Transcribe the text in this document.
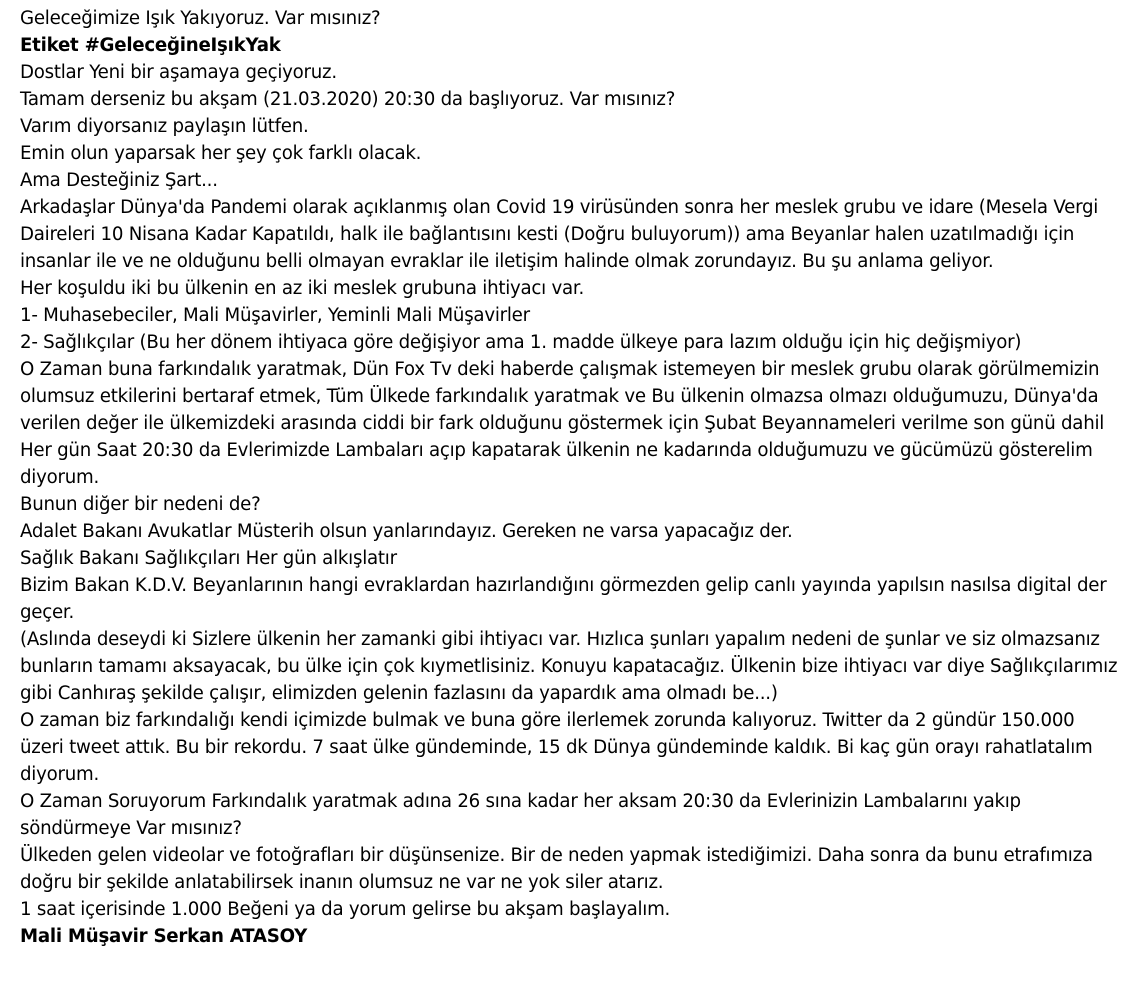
Geleceğimize Işık Yakıyoruz. Var mısınız?

Etiket #GeleceğineIşıkYak

Dostlar Yeni bir aşamaya geçiyoruz.

Tamam derseniz bu akşam (21.03.2020) 20:30 da başlıyoruz. Var mısınız?

Varım diyorsanız paylaşın lütfen.

Emin olun yaparsak her şey çok farklı olacak.

Ama Desteğiniz Şart...

Arkadaşlar Dünya'da Pandemi olarak açıklanmış olan Covid 19 virüsünden sonra her meslek grubu ve idare (Mesela Vergi Daireleri 10 Nisana Kadar Kapatıldı, halk ile bağlantısını kesti (Doğru buluyorum)) ama Beyanlar halen uzatılmadığı için insanlar ile ve ne olduğunu belli olmayan evraklar ile iletişim halinde olmak zorundayız. Bu şu anlama geliyor.

Her koşuldu iki bu ülkenin en az iki meslek grubuna ihtiyacı var.

1- Muhasebeciler, Mali Müşavirler, Yeminli Mali Müşavirler

2- Sağlıkçılar (Bu her dönem ihtiyaca göre değişiyor ama 1. madde ülkeye para lazım olduğu için hiç değişmiyor)

O Zaman buna farkındalık yaratmak, Dün Fox Tv deki haberde çalışmak istemeyen bir meslek grubu olarak görülmemizin olumsuz etkilerini bertaraf etmek, Tüm Ülkede farkındalık yaratmak ve Bu ülkenin olmazsa olmazı olduğumuzu, Dünya'da verilen değer ile ülkemizdeki arasında ciddi bir fark olduğunu göstermek için Şubat Beyannameleri verilme son günü dahil Her gün Saat 20:30 da Evlerimizde Lambaları açıp kapatarak ülkenin ne kadarında olduğumuzu ve gücümüzü gösterelim diyorum.

Bunun diğer bir nedeni de?

Adalet Bakanı Avukatlar Müsterih olsun yanlarındayız. Gereken ne varsa yapacağız der.

Sağlık Bakanı Sağlıkçıları Her gün alkışlatır

Bizim Bakan K.D.V. Beyanlarının hangi evraklardan hazırlandığını görmezden gelip canlı yayında yapılsın nasılsa digital der geçer.

(Aslında deseydi ki Sizlere ülkenin her zamanki gibi ihtiyacı var. Hızlıca şunları yapalım nedeni de şunlar ve siz olmazsanız bunların tamamı aksayacak, bu ülke için çok kıymetlisiniz. Konuyu kapatacağız. Ülkenin bize ihtiyacı var diye Sağlıkçılarımız gibi Canhıraş şekilde çalışır, elimizden gelenin fazlasını da yapardık ama olmadı be...)

O zaman biz farkındalığı kendi içimizde bulmak ve buna göre ilerlemek zorunda kalıyoruz. Twitter da 2 gündür 150.000 üzeri tweet attık. Bu bir rekordu. 7 saat ülke gündeminde, 15 dk Dünya gündeminde kaldık. Bi kaç gün orayı rahatlatalım diyorum.

O Zaman Soruyorum Farkındalık yaratmak adına 26 sına kadar her aksam 20:30 da Evlerinizin Lambalarını yakıp söndürmeye Var mısınız?

Ülkeden gelen videolar ve fotoğrafları bir düşünsenize. Bir de neden yapmak istediğimizi. Daha sonra da bunu etrafımıza doğru bir şekilde anlatabilirsek inanın olumsuz ne var ne yok siler atarız.

1 saat içerisinde 1.000 Beğeni ya da yorum gelirse bu akşam başlayalım.

Mali Müşavir Serkan ATASOY
